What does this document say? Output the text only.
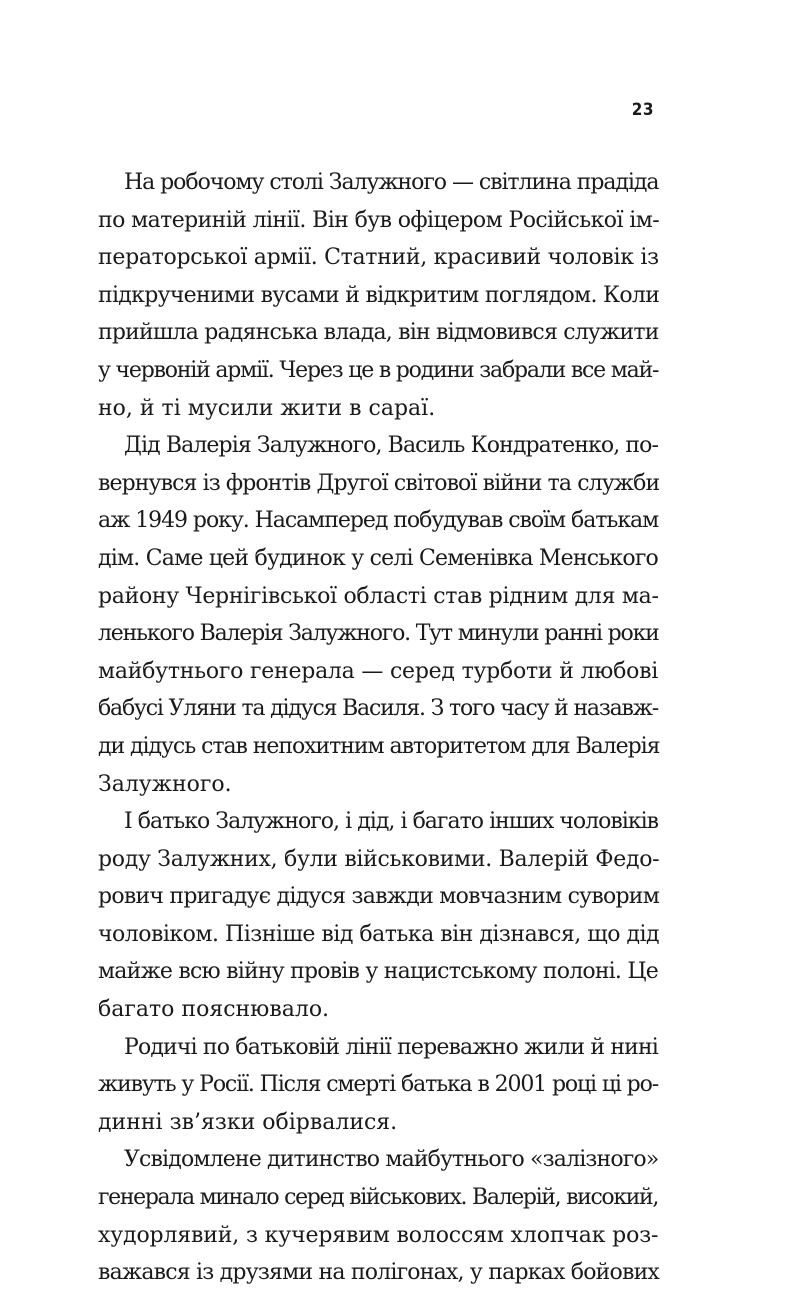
23
На робочому столі Залужного — світлина прадіда
по материній лінії. Він був офіцером Російської ім-
ператорської армії. Статний, красивий чоловік із
підкрученими вусами й відкритим поглядом. Коли
прийшла радянська влада, він відмовився служити
у червоній армії. Через це в родини забрали все май-
но, й ті мусили жити в сараї.
Дід Валерія Залужного, Василь Кондратенко, по-
вернувся із фронтів Другої світової війни та служби
аж 1949 року. Насамперед побудував своїм батькам
дім. Саме цей будинок у селі Семенівка Менського
району Чернігівської області став рідним для ма-
ленького Валерія Залужного. Тут минули ранні роки
майбутнього генерала — серед турботи й любові
бабусі Уляни та дідуся Василя. З того часу й назавж-
ди дідусь став непохитним авторитетом для Валерія
Залужного.
І батько Залужного, і дід, і багато інших чоловіків
роду Залужних, були військовими. Валерій Федо-
рович пригадує дідуся завжди мовчазним суворим
чоловіком. Пізніше від батька він дізнався, що дід
майже всю війну провів у нацистському полоні. Це
багато пояснювало.
Родичі по батьковій лінії переважно жили й нині
живуть у Росії. Після смерті батька в 2001 році ці ро-
динні зв’язки обірвалися.
Усвідомлене дитинство майбутнього «залізного»
генерала минало серед військових. Валерій, високий,
худорлявий, з кучерявим волоссям хлопчак роз-
важався із друзями на полігонах, у парках бойових
